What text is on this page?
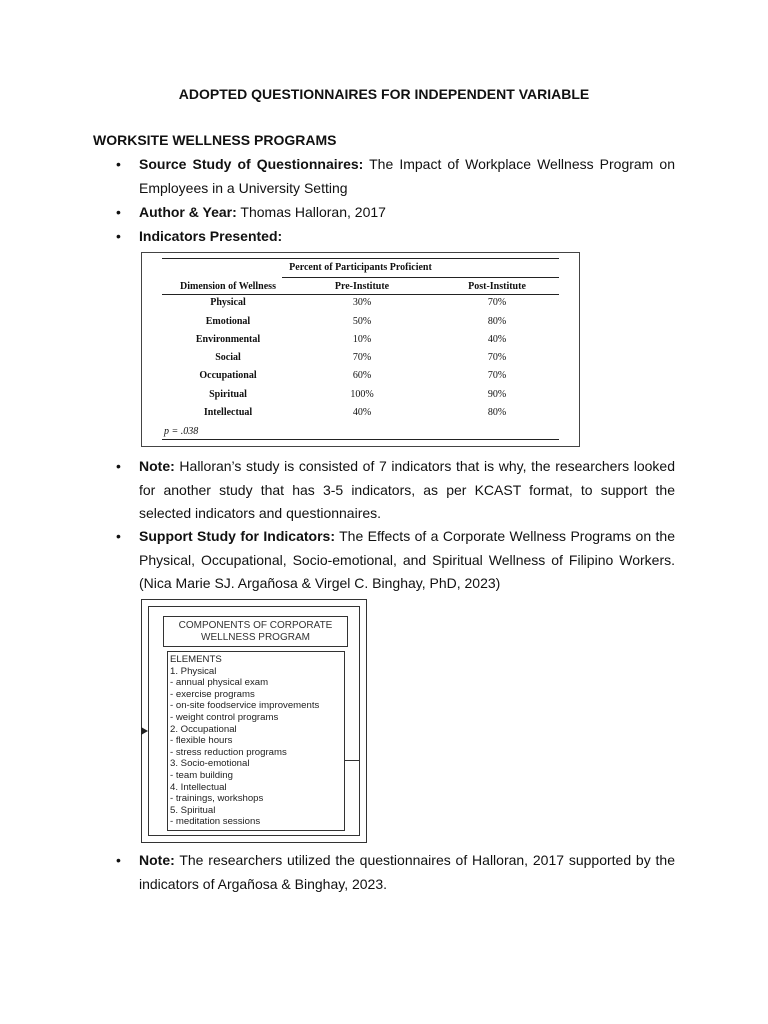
ADOPTED QUESTIONNAIRES FOR INDEPENDENT VARIABLE
WORKSITE WELLNESS PROGRAMS
• Source Study of Questionnaires: The Impact of Workplace Wellness Program on Employees in a University Setting
• Author & Year: Thomas Halloran, 2017
• Indicators Presented:
Percent of Participants Proficient
Dimension of Wellness	Pre-Institute	Post-Institute
Physical	30%	70%
Emotional	50%	80%
Environmental	10%	40%
Social	70%	70%
Occupational	60%	70%
Spiritual	100%	90%
Intellectual	40%	80%
p = .038
• Note: Halloran’s study is consisted of 7 indicators that is why, the researchers looked for another study that has 3-5 indicators, as per KCAST format, to support the selected indicators and questionnaires.
• Support Study for Indicators: The Effects of a Corporate Wellness Programs on the Physical, Occupational, Socio-emotional, and Spiritual Wellness of Filipino Workers. (Nica Marie SJ. Argañosa & Virgel C. Binghay, PhD, 2023)
COMPONENTS OF CORPORATE
WELLNESS PROGRAM
ELEMENTS
1. Physical
- annual physical exam
- exercise programs
- on-site foodservice improvements
- weight control programs
2. Occupational
- flexible hours
- stress reduction programs
3. Socio-emotional
- team building
4. Intellectual
- trainings, workshops
5. Spiritual
- meditation sessions
• Note: The researchers utilized the questionnaires of Halloran, 2017 supported by the indicators of Argañosa & Binghay, 2023.
